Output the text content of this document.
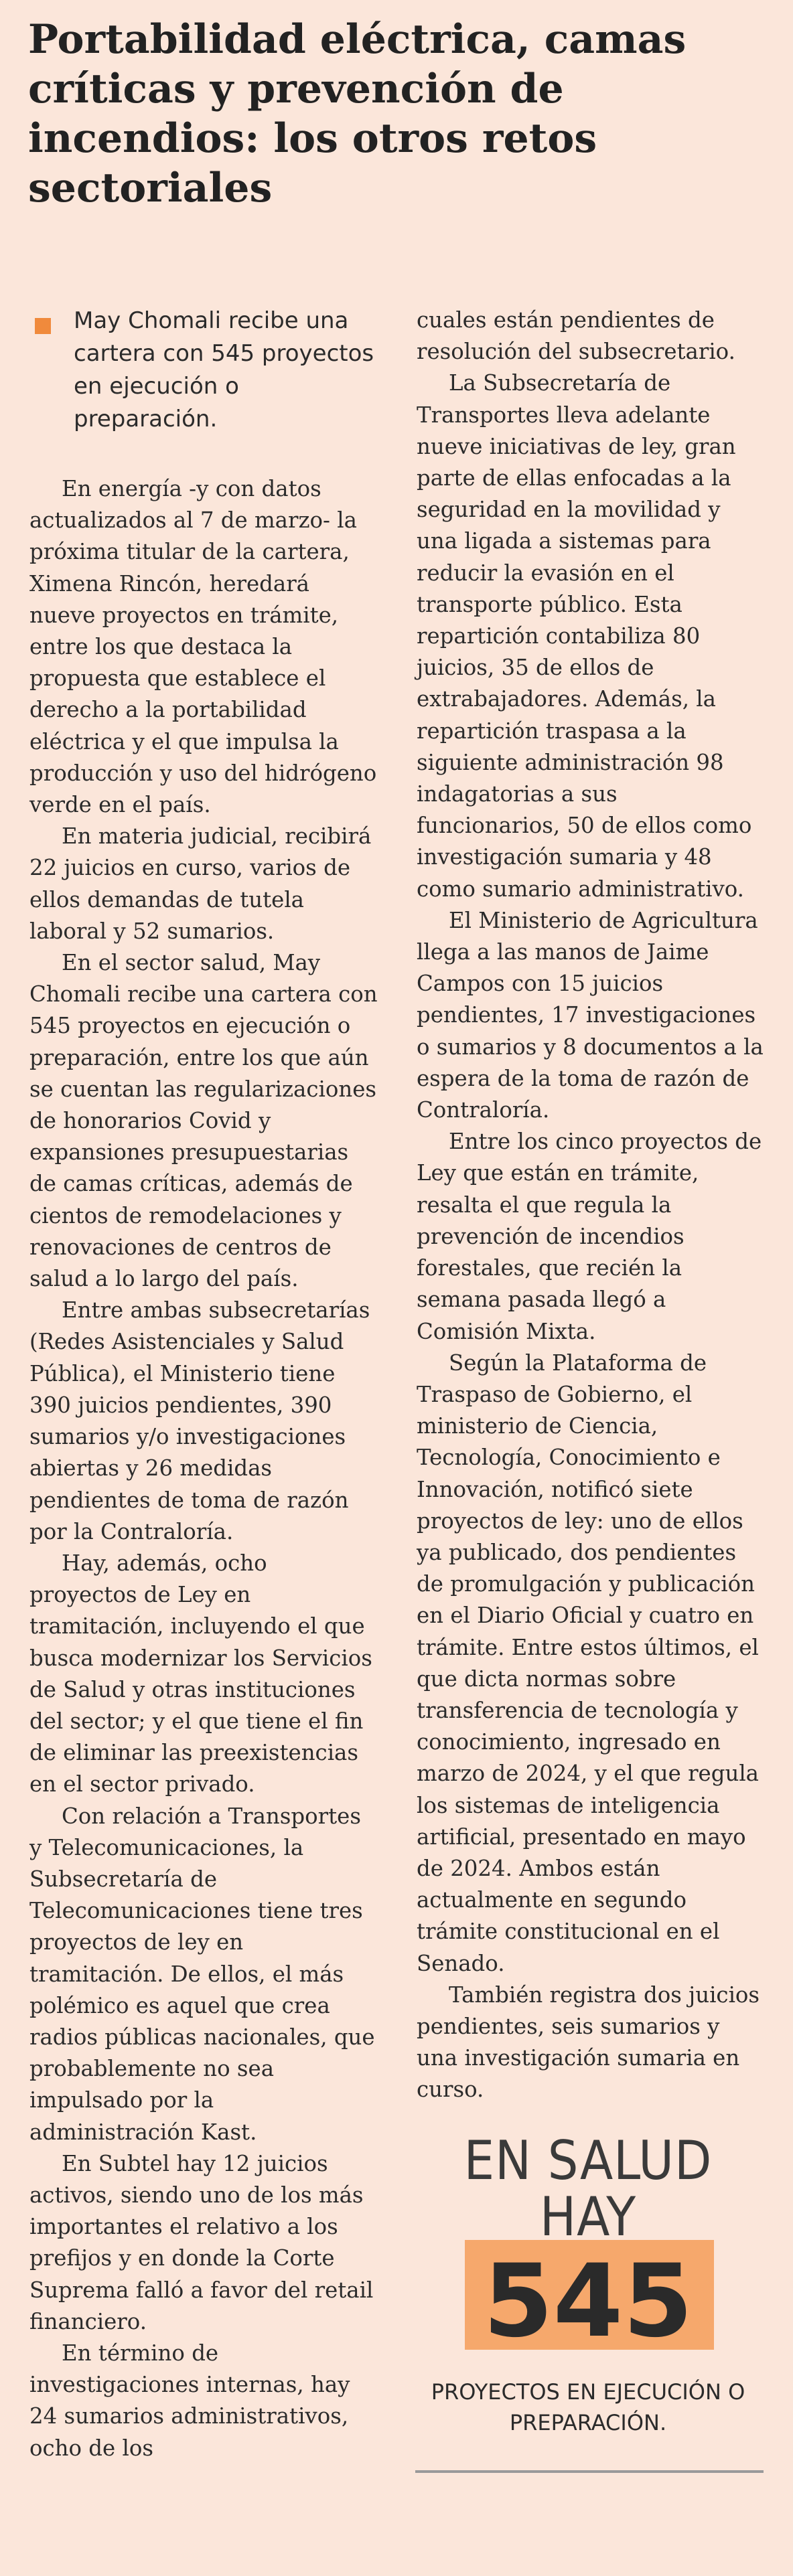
Portabilidad eléctrica, camas críticas y prevención de incendios: los otros retos sectoriales
May Chomali recibe una cartera con 545 proyectos en ejecución o preparación.

En energía -y con datos actualizados al 7 de marzo- la próxima titular de la cartera, Ximena Rincón, heredará nueve proyectos en trámite, entre los que destaca la propuesta que establece el derecho a la portabilidad eléctrica y el que impulsa la producción y uso del hidrógeno verde en el país.

En materia judicial, recibirá 22 juicios en curso, varios de ellos demandas de tutela laboral y 52 sumarios.

En el sector salud, May Chomali recibe una cartera con 545 proyectos en ejecución o preparación, entre los que aún se cuentan las regularizaciones de honorarios Covid y expansiones presupuestarias de camas críticas, además de cientos de remodelaciones y renovaciones de centros de salud a lo largo del país.

Entre ambas subsecretarías (Redes Asistenciales y Salud Pública), el Ministerio tiene 390 juicios pendientes, 390 sumarios y/o investigaciones abiertas y 26 medidas pendientes de toma de razón por la Contraloría.

Hay, además, ocho proyectos de Ley en tramitación, incluyendo el que busca modernizar los Servicios de Salud y otras instituciones del sector; y el que tiene el fin de eliminar las preexistencias en el sector privado.

Con relación a Transportes y Telecomunicaciones, la Subsecretaría de Telecomunicaciones tiene tres proyectos de ley en tramitación. De ellos, el más polémico es aquel que crea radios públicas nacionales, que probablemente no sea impulsado por la administración Kast.

En Subtel hay 12 juicios activos, siendo uno de los más importantes el relativo a los prefijos y en donde la Corte Suprema falló a favor del retail financiero.

En término de investigaciones internas, hay 24 sumarios administrativos, ocho de los

cuales están pendientes de resolución del subsecretario.

La Subsecretaría de Transportes lleva adelante nueve iniciativas de ley, gran parte de ellas enfocadas a la seguridad en la movilidad y una ligada a sistemas para reducir la evasión en el transporte público. Esta repartición contabiliza 80 juicios, 35 de ellos de extrabajadores. Además, la repartición traspasa a la siguiente administración 98 indagatorias a sus funcionarios, 50 de ellos como investigación sumaria y 48 como sumario administrativo.

El Ministerio de Agricultura llega a las manos de Jaime Campos con 15 juicios pendientes, 17 investigaciones o sumarios y 8 documentos a la espera de la toma de razón de Contraloría.

Entre los cinco proyectos de Ley que están en trámite, resalta el que regula la prevención de incendios forestales, que recién la semana pasada llegó a Comisión Mixta.

Según la Plataforma de Traspaso de Gobierno, el ministerio de Ciencia, Tecnología, Conocimiento e Innovación, notificó siete proyectos de ley: uno de ellos ya publicado, dos pendientes de promulgación y publicación en el Diario Oficial y cuatro en trámite. Entre estos últimos, el que dicta normas sobre transferencia de tecnología y conocimiento, ingresado en marzo de 2024, y el que regula los sistemas de inteligencia artificial, presentado en mayo de 2024. Ambos están actualmente en segundo trámite constitucional en el Senado.

También registra dos juicios pendientes, seis sumarios y una investigación sumaria en curso.

EN SALUD
HAY
545
PROYECTOS EN EJECUCIÓN O PREPARACIÓN.
